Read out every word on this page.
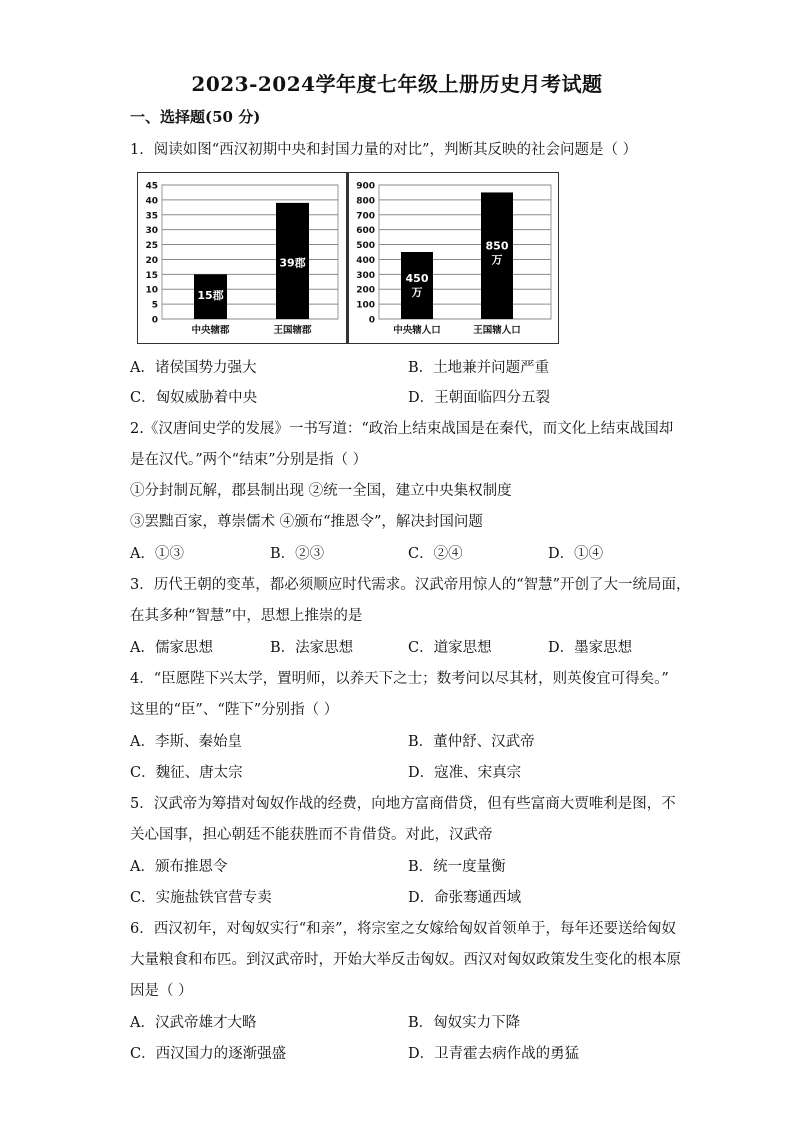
2023-2024学年度七年级上册历史月考试题
一、选择题(50 分)
1．阅读如图“西汉初期中央和封国力量的对比”，判断其反映的社会问题是（ ）
0
5
10
15
20
25
30
35
40
45
15郡
中央辖郡
39郡
王国辖郡
0
100
200
300
400
500
600
700
800
900
450
万
中央辖人口
850
万
王国辖人口
A．诸侯国势力强大	B．土地兼并问题严重
C．匈奴威胁着中央	D．王朝面临四分五裂
2.《汉唐间史学的发展》一书写道：“政治上结束战国是在秦代，而文化上结束战国却
是在汉代。”两个“结束”分别是指（ ）
①分封制瓦解，郡县制出现 ②统一全国，建立中央集权制度
③罢黜百家，尊崇儒术 ④颁布“推恩令”，解决封国问题
A．①③	B．②③	C．②④	D．①④
3．历代王朝的变革，都必须顺应时代需求。汉武帝用惊人的“智慧”开创了大一统局面，
在其多种“智慧”中，思想上推崇的是
A．儒家思想	B．法家思想	C．道家思想	D．墨家思想
4．“臣愿陛下兴太学，置明师，以养天下之士；数考问以尽其材，则英俊宜可得矣。”
这里的“臣”、“陛下”分别指（ ）
A．李斯、秦始皇	B．董仲舒、汉武帝
C．魏征、唐太宗	D．寇准、宋真宗
5．汉武帝为筹措对匈奴作战的经费，向地方富商借贷，但有些富商大贾唯利是图，不
关心国事，担心朝廷不能获胜而不肯借贷。对此，汉武帝
A．颁布推恩令	B．统一度量衡
C．实施盐铁官营专卖	D．命张骞通西域
6．西汉初年，对匈奴实行“和亲”，将宗室之女嫁给匈奴首领单于，每年还要送给匈奴
大量粮食和布匹。到汉武帝时，开始大举反击匈奴。西汉对匈奴政策发生变化的根本原
因是（ ）
A．汉武帝雄才大略	B．匈奴实力下降
C．西汉国力的逐渐强盛	D．卫青霍去病作战的勇猛
